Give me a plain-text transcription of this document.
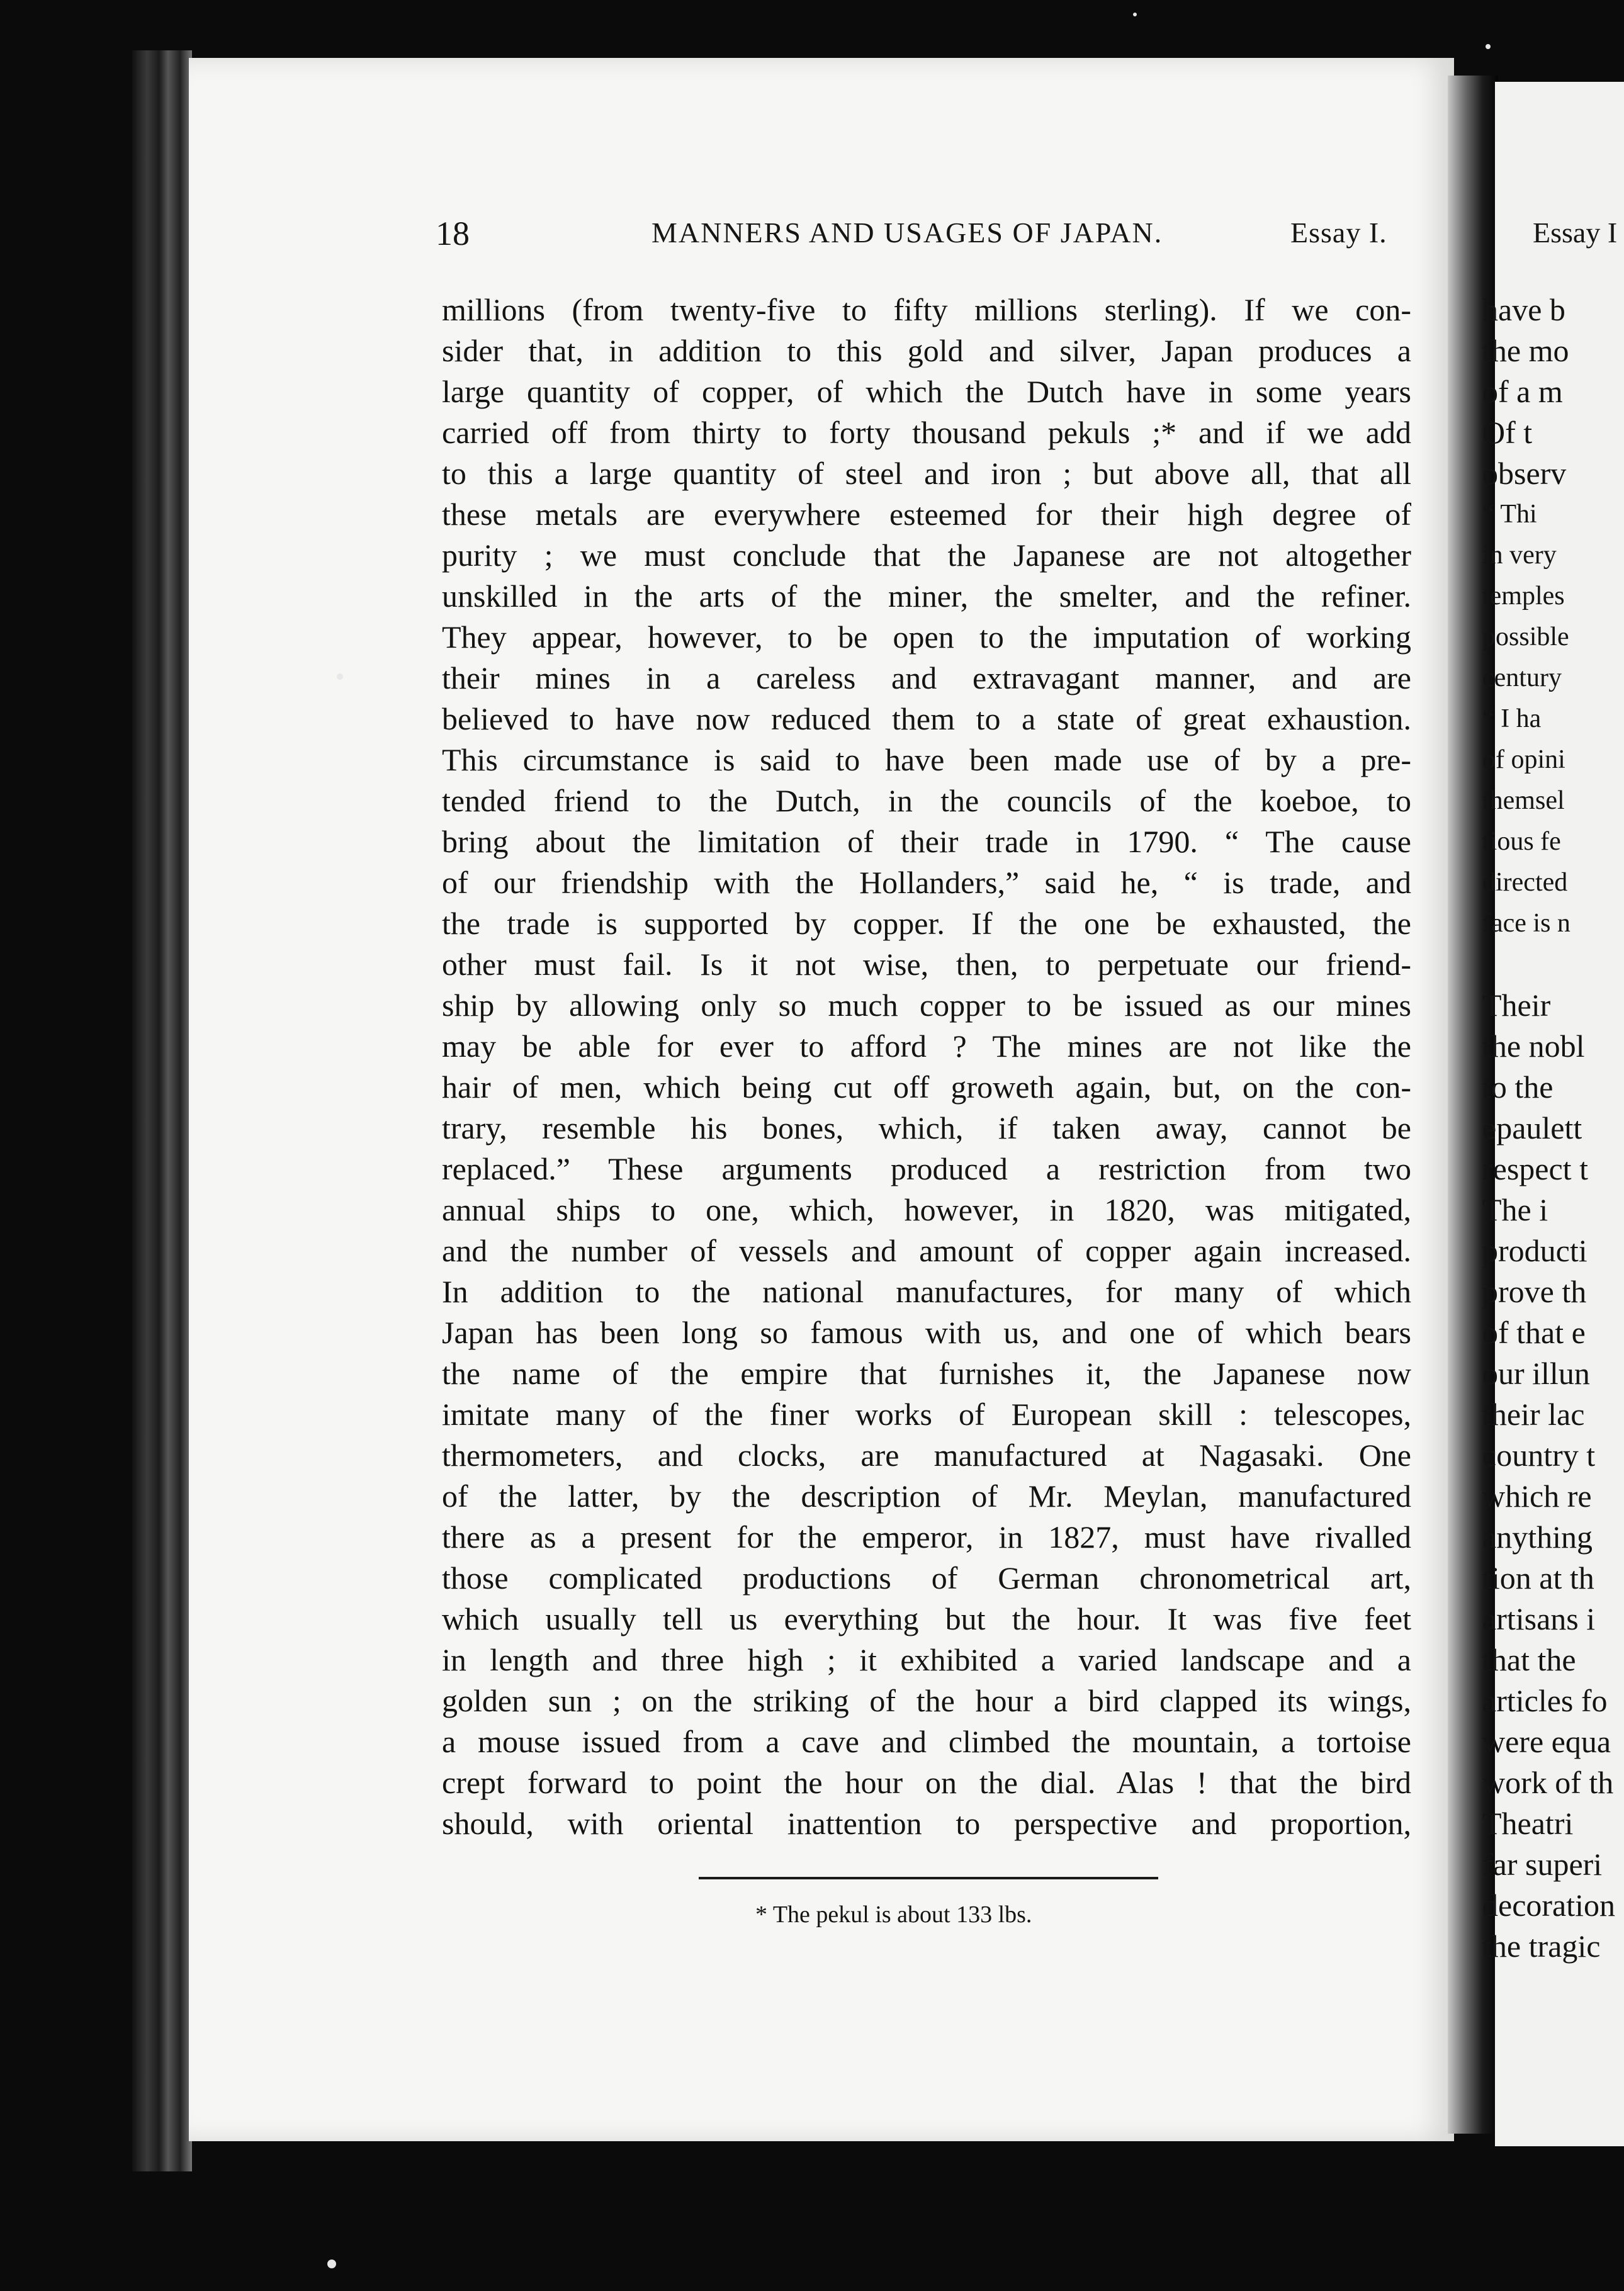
18	MANNERS AND USAGES OF JAPAN.	Essay I.
millions (from twenty-five to fifty millions sterling). If we con-
sider that, in addition to this gold and silver, Japan produces a
large quantity of copper, of which the Dutch have in some years
carried off from thirty to forty thousand pekuls ;* and if we add
to this a large quantity of steel and iron ; but above all, that all
these metals are everywhere esteemed for their high degree of
purity ; we must conclude that the Japanese are not altogether
unskilled in the arts of the miner, the smelter, and the refiner.
They appear, however, to be open to the imputation of working
their mines in a careless and extravagant manner, and are
believed to have now reduced them to a state of great exhaustion.
This circumstance is said to have been made use of by a pre-
tended friend to the Dutch, in the councils of the koeboe, to
bring about the limitation of their trade in 1790. “ The cause
of our friendship with the Hollanders,” said he, “ is trade, and
the trade is supported by copper. If the one be exhausted, the
other must fail. Is it not wise, then, to perpetuate our friend-
ship by allowing only so much copper to be issued as our mines
may be able for ever to afford ? The mines are not like the
hair of men, which being cut off groweth again, but, on the con-
trary, resemble his bones, which, if taken away, cannot be
replaced.” These arguments produced a restriction from two
annual ships to one, which, however, in 1820, was mitigated,
and the number of vessels and amount of copper again increased.
In addition to the national manufactures, for many of which
Japan has been long so famous with us, and one of which bears
the name of the empire that furnishes it, the Japanese now
imitate many of the finer works of European skill : telescopes,
thermometers, and clocks, are manufactured at Nagasaki. One
of the latter, by the description of Mr. Meylan, manufactured
there as a present for the emperor, in 1827, must have rivalled
those complicated productions of German chronometrical art,
which usually tell us everything but the hour. It was five feet
in length and three high ; it exhibited a varied landscape and a
golden sun ; on the striking of the hour a bird clapped its wings,
a mouse issued from a cave and climbed the mountain, a tortoise
crept forward to point the hour on the dial. Alas ! that the bird
should, with oriental inattention to perspective and proportion,
* The pekul is about 133 lbs.
Essay I
have b
the mo
of a m
Of t
observ
“ Thi
in very
temples
possible
century
“ I ha
of opini
themsel
tious fe
directed
face is n
Their
the nobl
to the
epaulett
respect t
The i
producti
prove th
of that e
our illun
their lac
country t
which re
anything
tion at th
artisans i
that the
articles fo
were equa
work of th
Theatri
far superi
decoration
the tragic
